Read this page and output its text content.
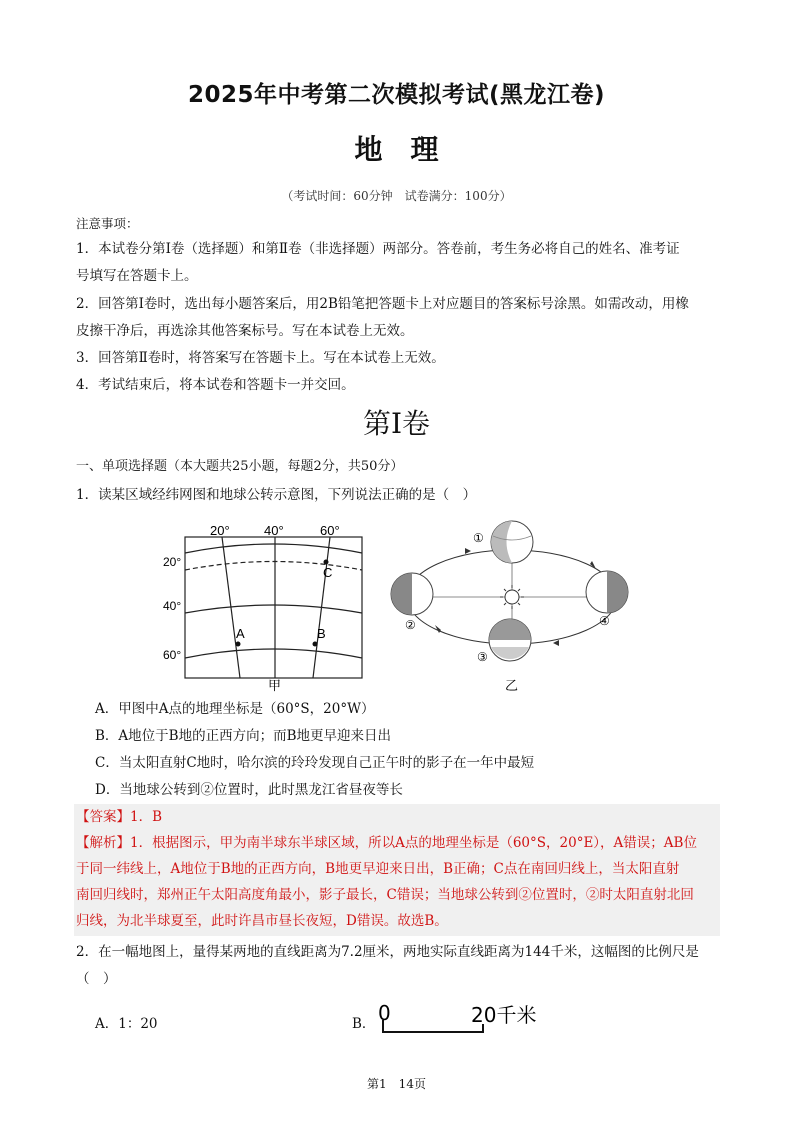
2025年中考第二次模拟考试(黑龙江卷)
地 理
（考试时间：60分钟　试卷满分：100分）
注意事项：
1．本试卷分第Ⅰ卷（选择题）和第Ⅱ卷（非选择题）两部分。答卷前，考生务必将自己的姓名、准考证
号填写在答题卡上。
2．回答第Ⅰ卷时，选出每小题答案后，用2B铅笔把答题卡上对应题目的答案标号涂黑。如需改动，用橡
皮擦干净后，再选涂其他答案标号。写在本试卷上无效。
3．回答第Ⅱ卷时，将答案写在答题卡上。写在本试卷上无效。
4．考试结束后，将本试卷和答题卡一并交回。
第Ⅰ卷
一、单项选择题（本大题共25小题，每题2分，共50分）
1．读某区域经纬网图和地球公转示意图，下列说法正确的是（　）
20°	40°	60°
20°
40°
60°
A	B
C
甲
①
②
③
④
乙
A．甲图中A点的地理坐标是（60°S，20°W）
B．A地位于B地的正西方向；而B地更早迎来日出
C．当太阳直射C地时，哈尔滨的玲玲发现自己正午时的影子在一年中最短
D．当地球公转到②位置时，此时黑龙江省昼夜等长
【答案】1．B
【解析】1．根据图示，甲为南半球东半球区域，所以A点的地理坐标是（60°S，20°E），A错误；AB位
于同一纬线上，A地位于B地的正西方向，B地更早迎来日出，B正确；C点在南回归线上，当太阳直射
南回归线时，郑州正午太阳高度角最小，影子最长，C错误；当地球公转到②位置时，②时太阳直射北回
归线，为北半球夏至，此时许昌市昼长夜短，D错误。故选B。
2．在一幅地图上，量得某两地的直线距离为7.2厘米，两地实际直线距离为144千米，这幅图的比例尺是
（　）
A．1：20	B． 0	20千米
第1　14页
